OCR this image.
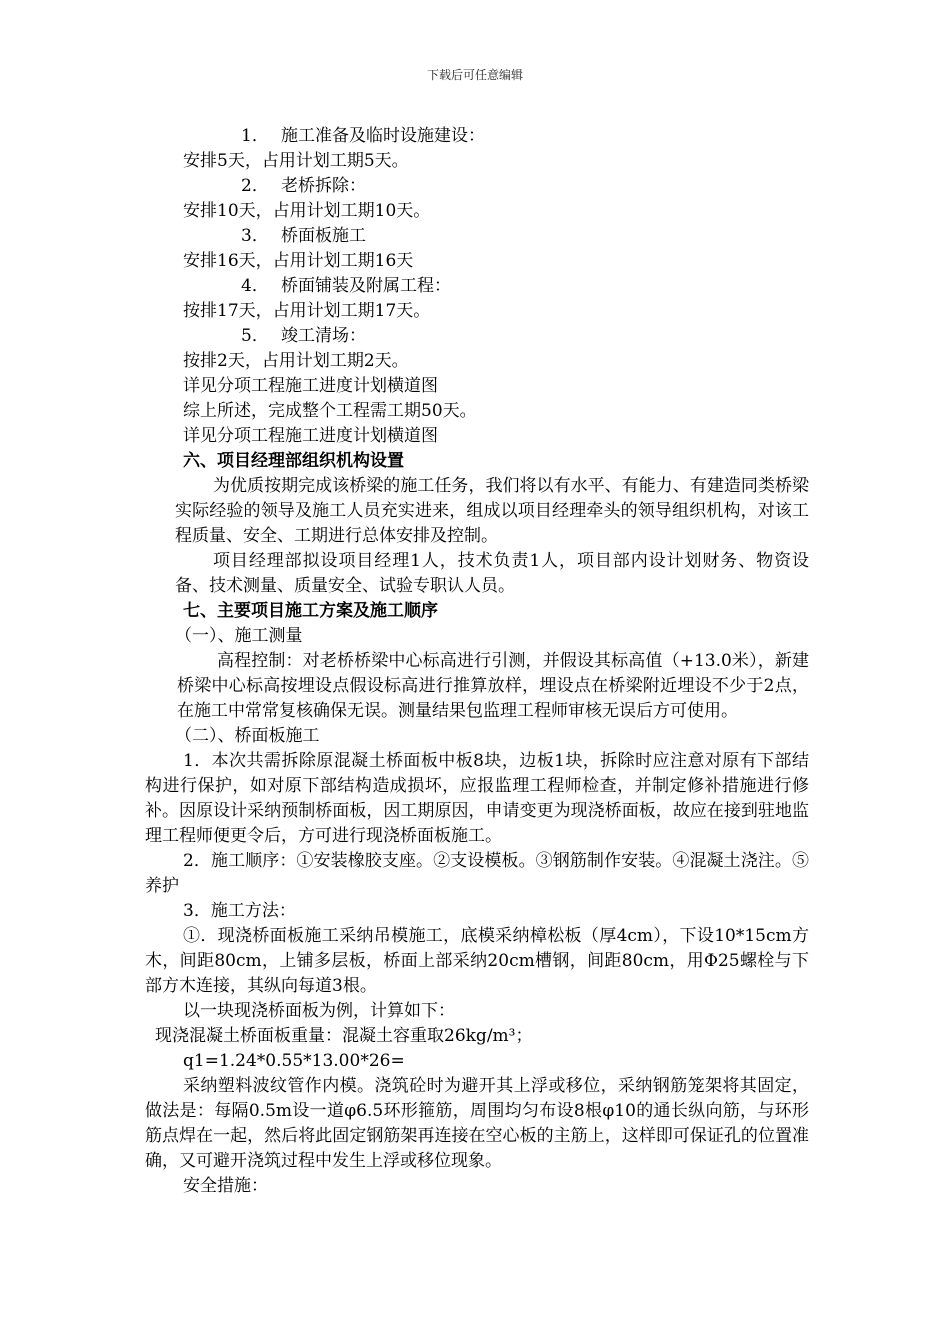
下载后可任意编辑
1． 施工准备及临时设施建设：
安排5天，占用计划工期5天。
2． 老桥拆除：
安排10天，占用计划工期10天。
3． 桥面板施工
安排16天，占用计划工期16天
4． 桥面铺装及附属工程：
按排17天，占用计划工期17天。
5． 竣工清场：
按排2天，占用计划工期2天。
详见分项工程施工进度计划横道图
综上所述，完成整个工程需工期50天。
详见分项工程施工进度计划横道图
六、项目经理部组织机构设置
为优质按期完成该桥梁的施工任务，我们将以有水平、有能力、有建造同类桥梁实际经验的领导及施工人员充实进来，组成以项目经理牵头的领导组织机构，对该工程质量、安全、工期进行总体安排及控制。
项目经理部拟设项目经理1人，技术负责1人，项目部内设计划财务、物资设备、技术测量、质量安全、试验专职认人员。
七、主要项目施工方案及施工顺序
（一）、施工测量
高程控制：对老桥桥梁中心标高进行引测，并假设其标高值（+13.0米），新建桥梁中心标高按埋设点假设标高进行推算放样，埋设点在桥梁附近埋设不少于2点，在施工中常常复核确保无误。测量结果包监理工程师审核无误后方可使用。
（二）、桥面板施工
1．本次共需拆除原混凝土桥面板中板8块，边板1块，拆除时应注意对原有下部结构进行保护，如对原下部结构造成损坏，应报监理工程师检查，并制定修补措施进行修补。因原设计采纳预制桥面板，因工期原因，申请变更为现浇桥面板，故应在接到驻地监理工程师便更令后，方可进行现浇桥面板施工。
2．施工顺序：①安装橡胶支座。②支设模板。③钢筋制作安装。④混凝土浇注。⑤养护
3．施工方法：
①．现浇桥面板施工采纳吊模施工，底模采纳樟松板（厚4cm），下设10*15cm方木，间距80cm，上铺多层板，桥面上部采纳20cm槽钢，间距80cm，用Φ25螺栓与下部方木连接，其纵向每道3根。
以一块现浇桥面板为例，计算如下：
现浇混凝土桥面板重量：混凝土容重取26kg/m³；
q1=1.24*0.55*13.00*26=
采纳塑料波纹管作内模。浇筑砼时为避开其上浮或移位，采纳钢筋笼架将其固定，做法是：每隔0.5m设一道φ6.5环形箍筋，周围均匀布设8根φ10的通长纵向筋，与环形筋点焊在一起，然后将此固定钢筋架再连接在空心板的主筋上，这样即可保证孔的位置准确，又可避开浇筑过程中发生上浮或移位现象。
安全措施：
